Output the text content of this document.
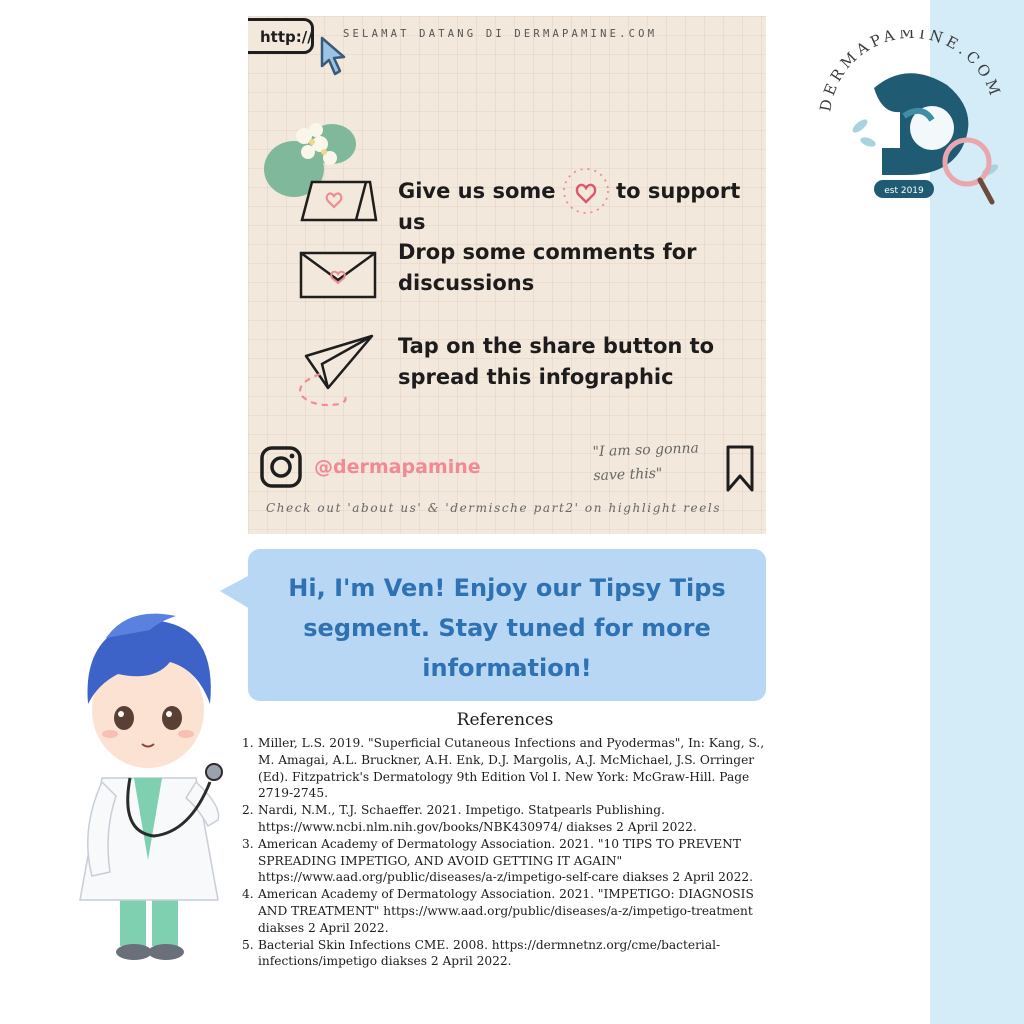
DERMAPAMINE.COM
est 2019
http://	SELAMAT DATANG DI DERMAPAMINE.COM
Give us some	to support us
Drop some comments for discussions
Tap on the share button to spread this infographic
@dermapamine
"I am so gonna save this"
Check out 'about us' & 'dermische part2' on highlight reels
Hi, I'm Ven! Enjoy our Tipsy Tips segment. Stay tuned for more information!
References
1. Miller, L.S. 2019. "Superficial Cutaneous Infections and Pyodermas", In: Kang, S., M. Amagai, A.L. Bruckner, A.H. Enk, D.J. Margolis, A.J. McMichael, J.S. Orringer (Ed). Fitzpatrick's Dermatology 9th Edition Vol I. New York: McGraw-Hill. Page 2719-2745.
2. Nardi, N.M., T.J. Schaeffer. 2021. Impetigo. Statpearls Publishing. https://www.ncbi.nlm.nih.gov/books/NBK430974/ diakses 2 April 2022.
3. American Academy of Dermatology Association. 2021. "10 TIPS TO PREVENT SPREADING IMPETIGO, AND AVOID GETTING IT AGAIN" https://www.aad.org/public/diseases/a-z/impetigo-self-care diakses 2 April 2022.
4. American Academy of Dermatology Association. 2021. "IMPETIGO: DIAGNOSIS AND TREATMENT" https://www.aad.org/public/diseases/a-z/impetigo-treatment diakses 2 April 2022.
5. Bacterial Skin Infections CME. 2008. https://dermnetnz.org/cme/bacterial-infections/impetigo diakses 2 April 2022.
